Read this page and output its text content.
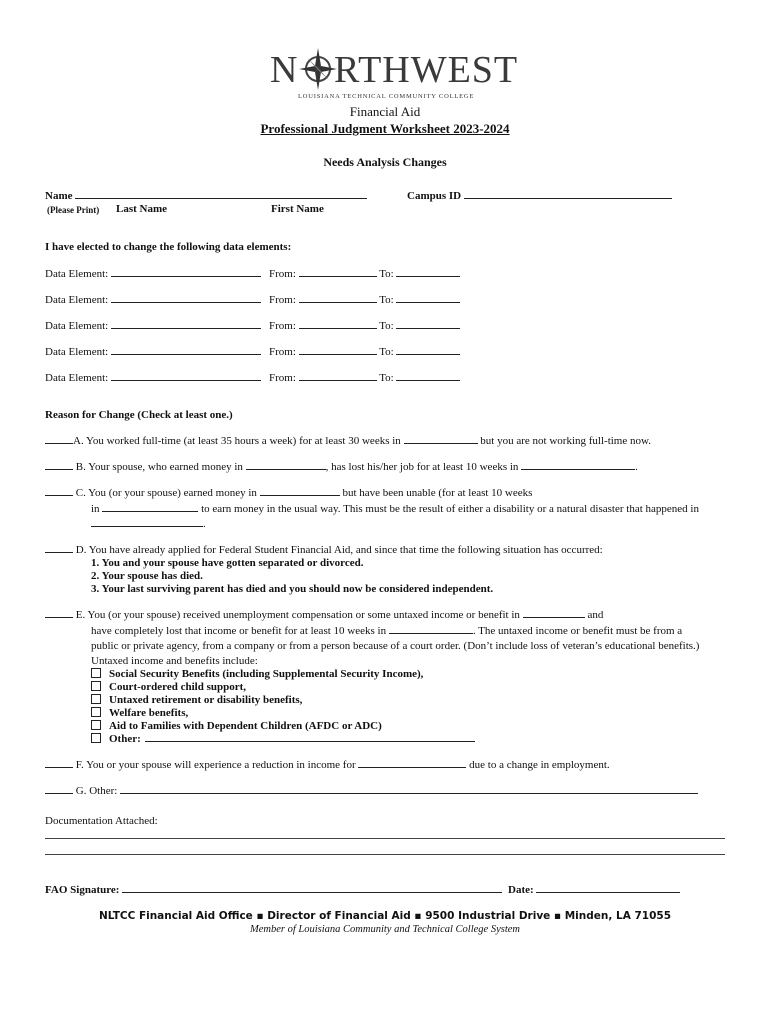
N RTHWEST
LOUISIANA TECHNICAL COMMUNITY COLLEGE
Financial Aid
Professional Judgment Worksheet 2023-2024
Needs Analysis Changes
Name	Campus ID
(Please Print) Last Name	First Name
I have elected to change the following data elements:
Data Element:	From:	To:
Data Element:	From:	To:
Data Element:	From:	To:
Data Element:	From:	To:
Data Element:	From:	To:
Reason for Change (Check at least one.)
A. You worked full-time (at least 35 hours a week) for at least 30 weeks in	but you are not working full-time now.
B. Your spouse, who earned money in	, has lost his/her job for at least 10 weeks in	.
C. You (or your spouse) earned money in	but have been unable (for at least 10 weeks
in	to earn money in the usual way. This must be the result of either a disability or a natural disaster that happened in
.
D. You have already applied for Federal Student Financial Aid, and since that time the following situation has occurred:
1. You and your spouse have gotten separated or divorced.
2. Your spouse has died.
3. Your last surviving parent has died and you should now be considered independent.
E. You (or your spouse) received unemployment compensation or some untaxed income or benefit in	and
have completely lost that income or benefit for at least 10 weeks in	. The untaxed income or benefit must be from a
public or private agency, from a company or from a person because of a court order. (Don’t include loss of veteran’s educational benefits.)
Untaxed income and benefits include:
Social Security Benefits (including Supplemental Security Income),
Court-ordered child support,
Untaxed retirement or disability benefits,
Welfare benefits,
Aid to Families with Dependent Children (AFDC or ADC)
Other:
F. You or your spouse will experience a reduction in income for	due to a change in employment.
G. Other:
Documentation Attached:
FAO Signature:	Date:
NLTCC Financial Aid Office ▪ Director of Financial Aid ▪ 9500 Industrial Drive ▪ Minden, LA 71055
Member of Louisiana Community and Technical College System
